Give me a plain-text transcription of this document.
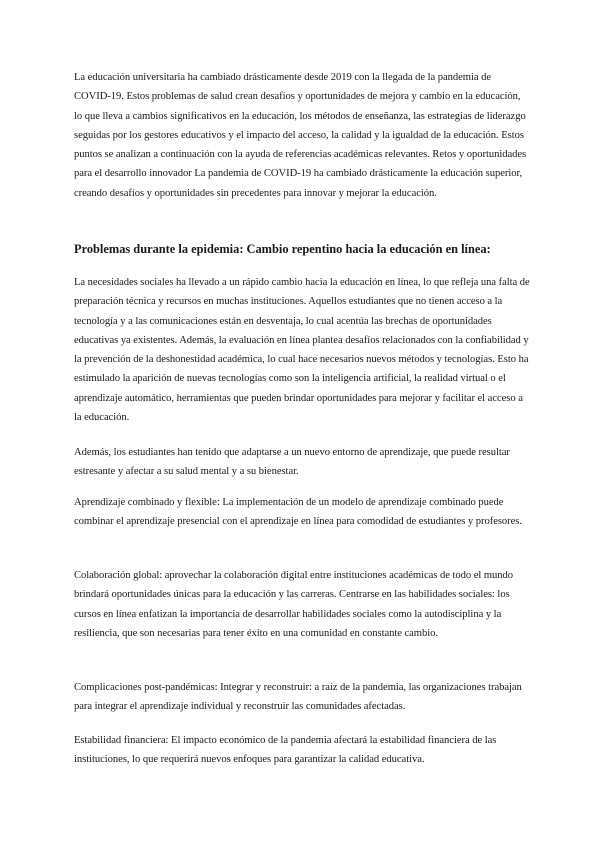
La educación universitaria ha cambiado drásticamente desde 2019 con la llegada de la pandemia de COVID-19. Estos problemas de salud crean desafíos y oportunidades de mejora y cambio en la educación, lo que lleva a cambios significativos en la educación, los métodos de enseñanza, las estrategias de liderazgo seguidas por los gestores educativos y el impacto del acceso, la calidad y la igualdad de la educación. Estos puntos se analizan a continuación con la ayuda de referencias académicas relevantes. Retos y oportunidades para el desarrollo innovador La pandemia de COVID-19 ha cambiado drásticamente la educación superior, creando desafíos y oportunidades sin precedentes para innovar y mejorar la educación.

Problemas durante la epidemia: Cambio repentino hacia la educación en línea:

La necesidades sociales ha llevado a un rápido cambio hacia la educación en línea, lo que refleja una falta de preparación técnica y recursos en muchas instituciones. Aquellos estudiantes que no tienen acceso a la tecnología y a las comunicaciones están en desventaja, lo cual acentúa las brechas de oportunidades educativas ya existentes. Además, la evaluación en línea plantea desafíos relacionados con la confiabilidad y la prevención de la deshonestidad académica, lo cual hace necesarios nuevos métodos y tecnologías. Esto ha estimulado la aparición de nuevas tecnologías como son la inteligencia artificial, la realidad virtual o el aprendizaje automático, herramientas que pueden brindar oportunidades para mejorar y facilitar el acceso a la educación.

Además, los estudiantes han tenido que adaptarse a un nuevo entorno de aprendizaje, que puede resultar estresante y afectar a su salud mental y a su bienestar.

Aprendizaje combinado y flexible: La implementación de un modelo de aprendizaje combinado puede combinar el aprendizaje presencial con el aprendizaje en línea para comodidad de estudiantes y profesores.

Colaboración global: aprovechar la colaboración digital entre instituciones académicas de todo el mundo brindará oportunidades únicas para la educación y las carreras. Centrarse en las habilidades sociales: los cursos en línea enfatizan la importancia de desarrollar habilidades sociales como la autodisciplina y la resiliencia, que son necesarias para tener éxito en una comunidad en constante cambio.

Complicaciones post-pandémicas: Integrar y reconstruir: a raíz de la pandemia, las organizaciones trabajan para integrar el aprendizaje individual y reconstruir las comunidades afectadas.

Estabilidad financiera: El impacto económico de la pandemia afectará la estabilidad financiera de las instituciones, lo que requerirá nuevos enfoques para garantizar la calidad educativa.
